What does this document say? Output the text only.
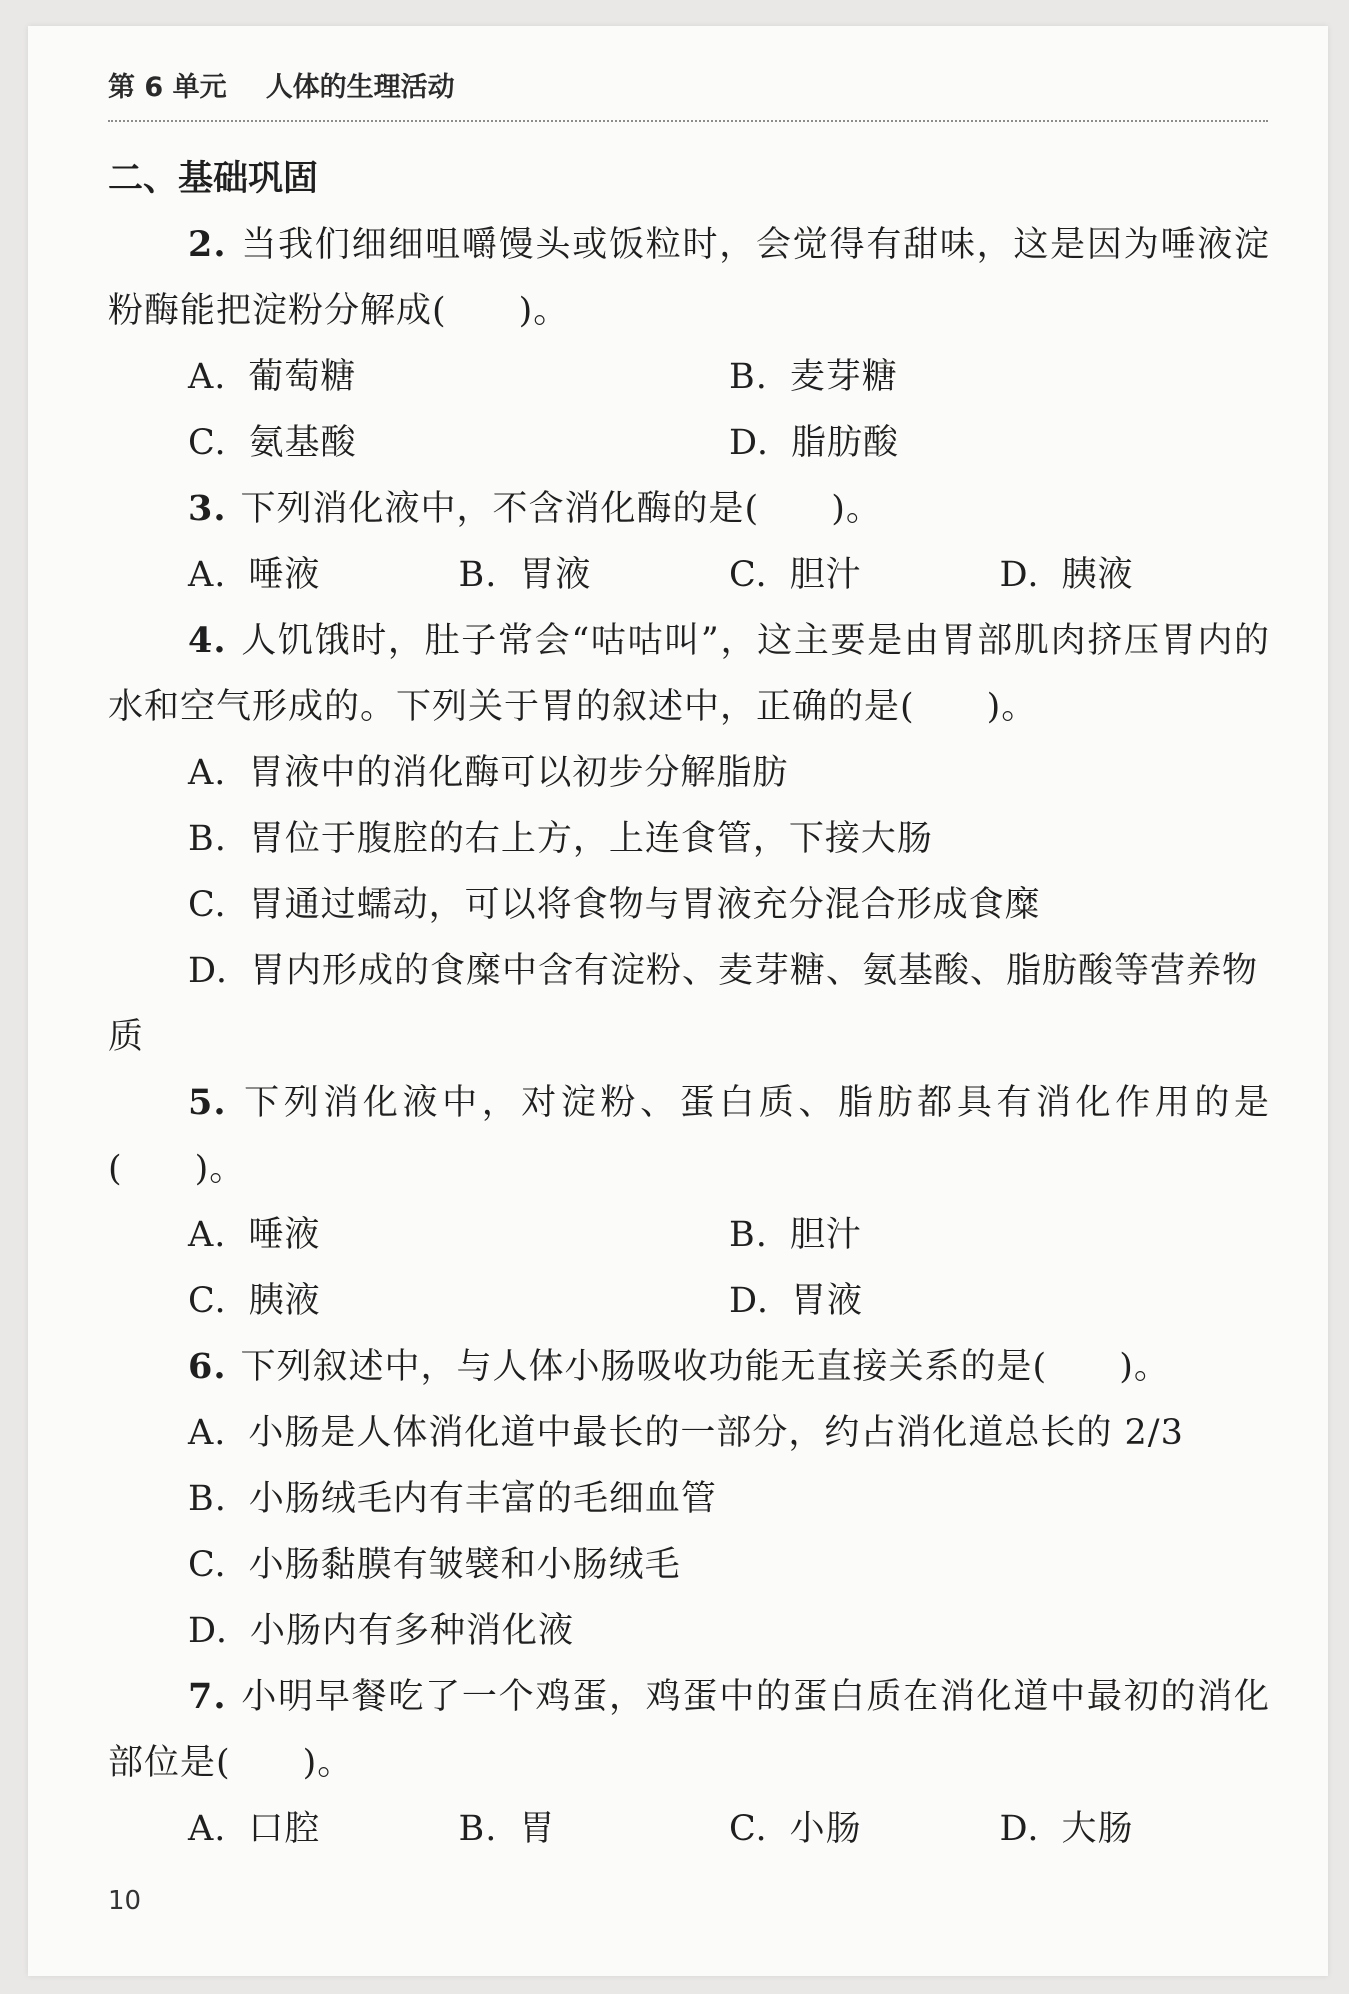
第 6 单元 人体的生理活动

二、基础巩固

2. 当我们细细咀嚼馒头或饭粒时，会觉得有甜味，这是因为唾液淀粉酶能把淀粉分解成(　　)。

A. 葡萄糖	B. 麦芽糖
C. 氨基酸	D. 脂肪酸

3. 下列消化液中，不含消化酶的是(　　)。

A. 唾液	B. 胃液	C. 胆汁	D. 胰液

4. 人饥饿时，肚子常会“咕咕叫”，这主要是由胃部肌肉挤压胃内的水和空气形成的。下列关于胃的叙述中，正确的是(　　)。

A. 胃液中的消化酶可以初步分解脂肪

B. 胃位于腹腔的右上方，上连食管，下接大肠

C. 胃通过蠕动，可以将食物与胃液充分混合形成食糜

D. 胃内形成的食糜中含有淀粉、麦芽糖、氨基酸、脂肪酸等营养物质

5. 下列消化液中，对淀粉、蛋白质、脂肪都具有消化作用的是(　　)。

A. 唾液	B. 胆汁
C. 胰液	D. 胃液

6. 下列叙述中，与人体小肠吸收功能无直接关系的是(　　)。

A. 小肠是人体消化道中最长的一部分，约占消化道总长的 2/3

B. 小肠绒毛内有丰富的毛细血管

C. 小肠黏膜有皱襞和小肠绒毛

D. 小肠内有多种消化液

7. 小明早餐吃了一个鸡蛋，鸡蛋中的蛋白质在消化道中最初的消化部位是(　　)。

A. 口腔	B. 胃	C. 小肠	D. 大肠
10
